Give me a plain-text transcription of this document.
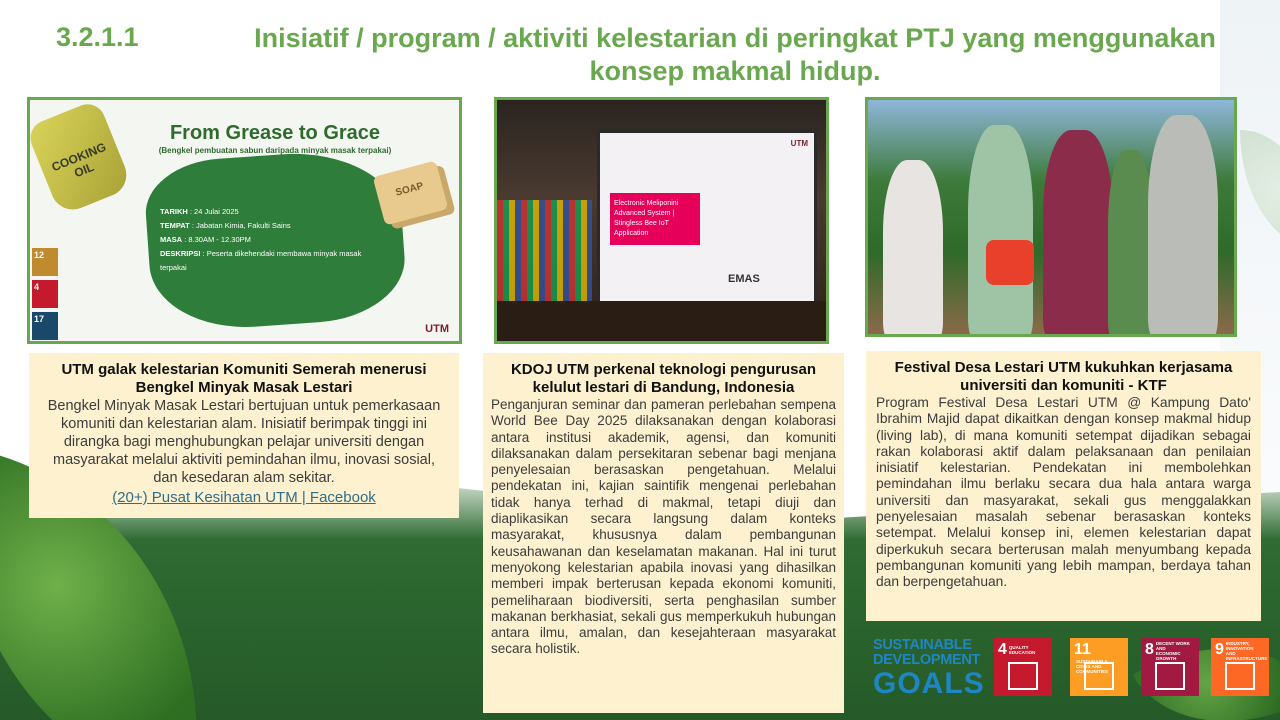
3.2.1.1	Inisiatif / program / aktiviti kelestarian di peringkat PTJ yang menggunakan konsep makmal hidup.
COOKING OIL
From Grease to Grace
(Bengkel pembuatan sabun daripada minyak masak terpakai)
TARIKH : 24 Julai 2025
TEMPAT : Jabatan Kimia, Fakulti Sains
MASA : 8.30AM - 12.30PM
DESKRIPSI : Peserta dikehendaki membawa minyak masak terpakai
SOAP
12
4
17
UTM
UTM
Electronic Meliponini Advanced System | Stingless Bee IoT Application
EMAS
UTM galak kelestarian Komuniti Semerah menerusi Bengkel Minyak Masak Lestari

Bengkel Minyak Masak Lestari bertujuan untuk pemerkasaan komuniti dan kelestarian alam. Inisiatif berimpak tinggi ini dirangka bagi menghubungkan pelajar universiti dengan masyarakat melalui aktiviti pemindahan ilmu, inovasi sosial, dan kesedaran alam sekitar.

(20+) Pusat Kesihatan UTM | Facebook
KDOJ UTM perkenal teknologi pengurusan kelulut lestari di Bandung, Indonesia

Penganjuran seminar dan pameran perlebahan sempena World Bee Day 2025 dilaksanakan dengan kolaborasi antara institusi akademik, agensi, dan komuniti dilaksanakan dalam persekitaran sebenar bagi menjana penyelesaian berasaskan pengetahuan. Melalui pendekatan ini, kajian saintifik mengenai perlebahan tidak hanya terhad di makmal, tetapi diuji dan diaplikasikan secara langsung dalam konteks masyarakat, khususnya dalam pembangunan keusahawanan dan keselamatan makanan. Hal ini turut menyokong kelestarian apabila inovasi yang dihasilkan memberi impak berterusan kepada ekonomi komuniti, pemeliharaan biodiversiti, serta penghasilan sumber makanan berkhasiat, sekali gus memperkukuh hubungan antara ilmu, amalan, dan kesejahteraan masyarakat secara holistik.

Festival Desa Lestari UTM kukuhkan kerjasama universiti dan komuniti - KTF

Program Festival Desa Lestari UTM @ Kampung Dato' Ibrahim Majid dapat dikaitkan dengan konsep makmal hidup (living lab), di mana komuniti setempat dijadikan sebagai rakan kolaborasi aktif dalam pelaksanaan dan penilaian inisiatif kelestarian. Pendekatan ini membolehkan pemindahan ilmu berlaku secara dua hala antara warga universiti dan masyarakat, sekali gus menggalakkan penyelesaian masalah sebenar berasaskan konteks setempat. Melalui konsep ini, elemen kelestarian dapat diperkukuh secara berterusan malah menyumbang kepada pembangunan komuniti yang lebih mampan, berdaya tahan dan berpengetahuan.

SUSTAINABLE
DEVELOPMENT
GOALS
4 QUALITY EDUCATION	11SUSTAINABLE CITIES AND COMMUNITIES
8 DECENT WORK AND ECONOMIC GROWTH
9 INDUSTRY, INNOVATION AND INFRASTRUCTURE
